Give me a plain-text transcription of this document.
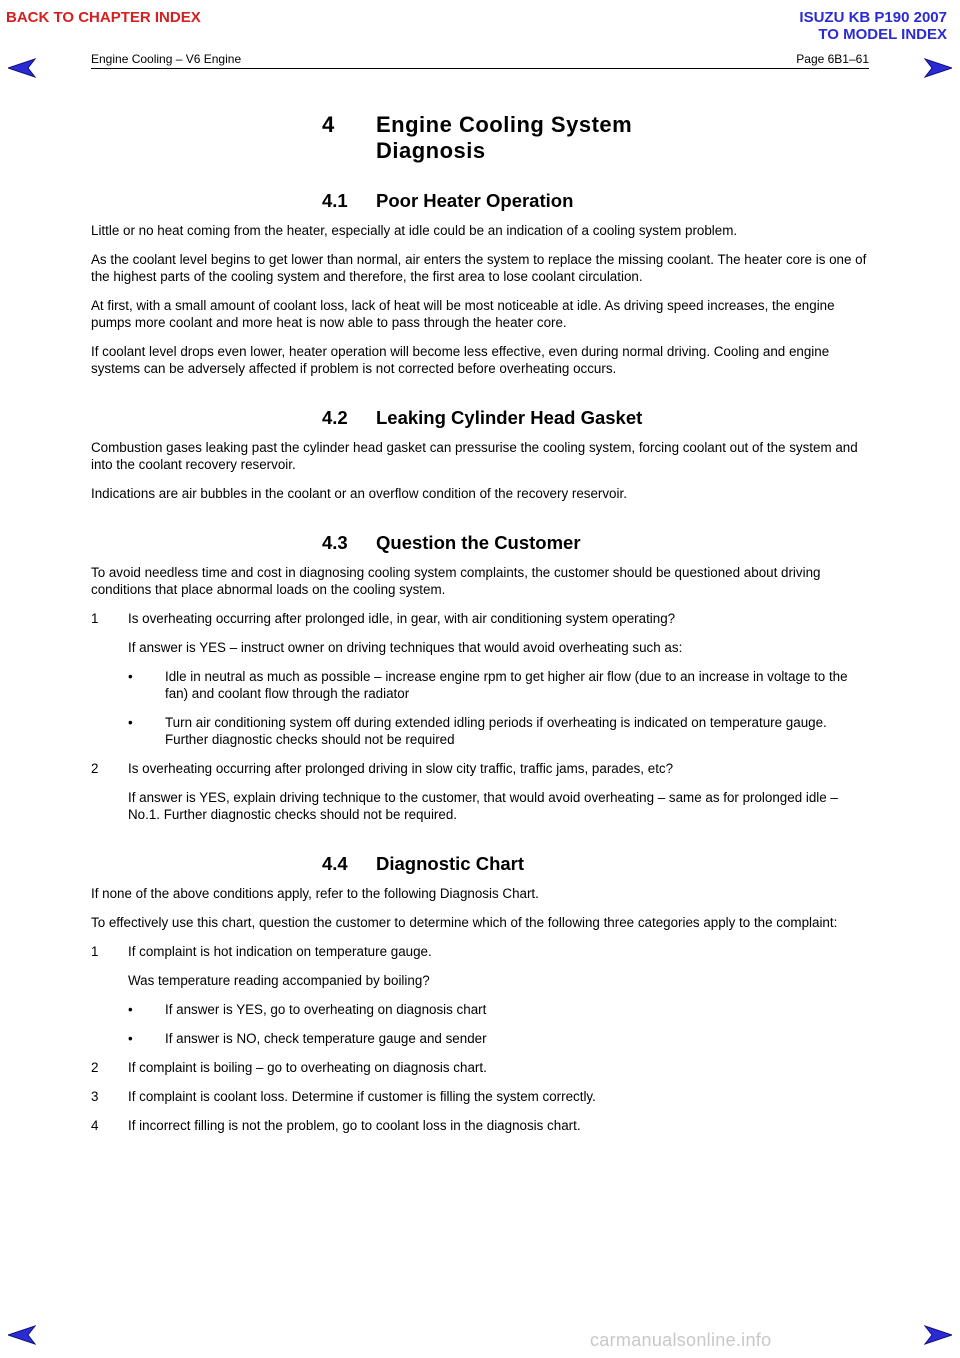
BACK TO CHAPTER INDEX	ISUZU KB P190 2007
TO MODEL INDEX
Engine Cooling – V6 Engine	Page 6B1–61
4	Engine Cooling System
Diagnosis
4.1	Poor Heater Operation

Little or no heat coming from the heater, especially at idle could be an indication of a cooling system problem.

As the coolant level begins to get lower than normal, air enters the system to replace the missing coolant. The heater core is one of the highest parts of the cooling system and therefore, the first area to lose coolant circulation.

At first, with a small amount of coolant loss, lack of heat will be most noticeable at idle. As driving speed increases, the engine pumps more coolant and more heat is now able to pass through the heater core.

If coolant level drops even lower, heater operation will become less effective, even during normal driving. Cooling and engine systems can be adversely affected if problem is not corrected before overheating occurs.

4.2	Leaking Cylinder Head Gasket

Combustion gases leaking past the cylinder head gasket can pressurise the cooling system, forcing coolant out of the system and into the coolant recovery reservoir.

Indications are air bubbles in the coolant or an overflow condition of the recovery reservoir.

4.3	Question the Customer

To avoid needless time and cost in diagnosing cooling system complaints, the customer should be questioned about driving conditions that place abnormal loads on the cooling system.

1	Is overheating occurring after prolonged idle, in gear, with air conditioning system operating?

If answer is YES – instruct owner on driving techniques that would avoid overheating such as:

•	Idle in neutral as much as possible – increase engine rpm to get higher air flow (due to an increase in voltage to the fan) and coolant flow through the radiator
•	Turn air conditioning system off during extended idling periods if overheating is indicated on temperature gauge. Further diagnostic checks should not be required
2	Is overheating occurring after prolonged driving in slow city traffic, traffic jams, parades, etc?

If answer is YES, explain driving technique to the customer, that would avoid overheating – same as for prolonged idle – No.1. Further diagnostic checks should not be required.

4.4	Diagnostic Chart

If none of the above conditions apply, refer to the following Diagnosis Chart.

To effectively use this chart, question the customer to determine which of the following three categories apply to the complaint:

1	If complaint is hot indication on temperature gauge.

Was temperature reading accompanied by boiling?

•	If answer is YES, go to overheating on diagnosis chart
•	If answer is NO, check temperature gauge and sender
2	If complaint is boiling – go to overheating on diagnosis chart.
3	If complaint is coolant loss. Determine if customer is filling the system correctly.
4	If incorrect filling is not the problem, go to coolant loss in the diagnosis chart.
carmanualsonline.info
